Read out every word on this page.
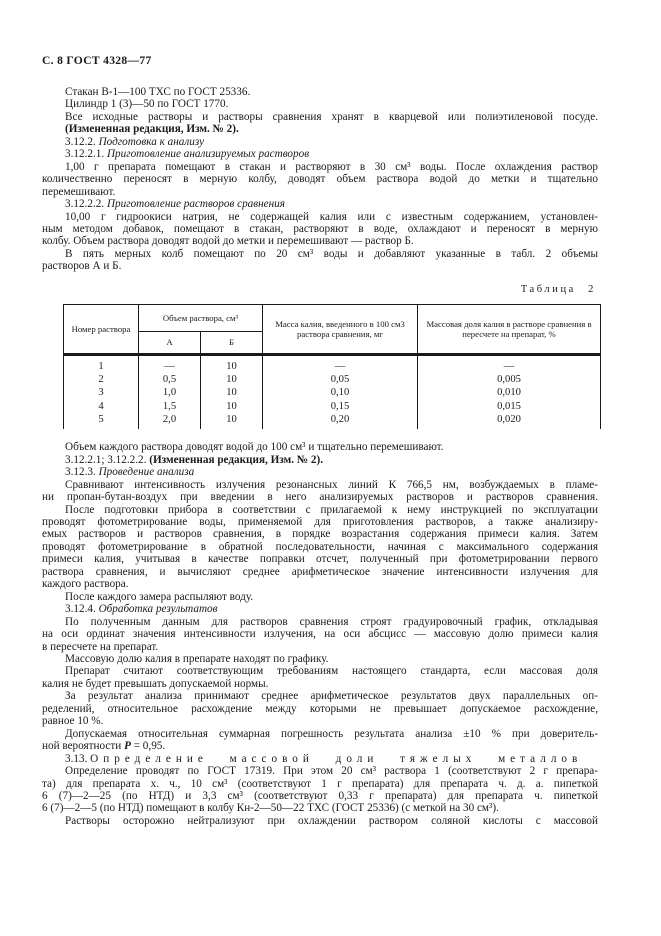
С. 8 ГОСТ 4328—77
Стакан В-1—100 ТХС по ГОСТ 25336.
Цилиндр 1 (3)—50 по ГОСТ 1770.
Все исходные растворы и растворы сравнения хранят в кварцевой или полиэтиленовой посуде.
(Измененная редакция, Изм. № 2).
3.12.2. Подготовка к анализу
3.12.2.1. Приготовление анализируемых растворов
1,00 г препарата помещают в стакан и растворяют в 30 см³ воды. После охлаждения раствор
количественно переносят в мерную колбу, доводят объем раствора водой до метки и тщательно
перемешивают.
3.12.2.2. Приготовление растворов сравнения
10,00 г гидроокиси натрия, не содержащей калия или с известным содержанием, установлен-
ным методом добавок, помещают в стакан, растворяют в воде, охлаждают и переносят в мерную
колбу. Объем раствора доводят водой до метки и перемешивают — раствор Б.
В пять мерных колб помещают по 20 см³ воды и добавляют указанные в табл. 2 объемы
растворов А и Б.
Таблица 2
Номер раствора	Объем раствора, см³		Масса калия, введенного в 100 см3 раствора сравнения, мг	Массовая доля калия в растворе сравнения в пересчете на препарат, %
	А	Б		
1	—	10	—	—
2	0,5	10	0,05	0,005
3	1,0	10	0,10	0,010
4	1,5	10	0,15	0,015
5	2,0	10	0,20	0,020
Объем каждого раствора доводят водой до 100 см³ и тщательно перемешивают.
3.12.2.1; 3.12.2.2. (Измененная редакция, Изм. № 2).
3.12.3. Проведение анализа
Сравнивают интенсивность излучения резонансных линий К 766,5 нм, возбуждаемых в пламе-
ни пропан-бутан-воздух при введении в него анализируемых растворов и растворов сравнения.
После подготовки прибора в соответствии с прилагаемой к нему инструкцией по эксплуатации
проводят фотометрирование воды, применяемой для приготовления растворов, а также анализиру-
емых растворов и растворов сравнения, в порядке возрастания содержания примеси калия. Затем
проводят фотометрирование в обратной последовательности, начиная с максимального содержания
примеси калия, учитывая в качестве поправки отсчет, полученный при фотометрировании первого
раствора сравнения, и вычисляют среднее арифметическое значение интенсивности излучения для
каждого раствора.
После каждого замера распыляют воду.
3.12.4. Обработка результатов
По полученным данным для растворов сравнения строят градуировочный график, откладывая
на оси ординат значения интенсивности излучения, на оси абсцисс — массовую долю примеси калия
в пересчете на препарат.
Массовую долю калия в препарате находят по графику.
Препарат считают соответствующим требованиям настоящего стандарта, если массовая доля
калия не будет превышать допускаемой нормы.
За результат анализа принимают среднее арифметическое результатов двух параллельных оп-
ределений, относительное расхождение между которыми не превышает допускаемое расхождение,
равное 10 %.
Допускаемая относительная суммарная погрешность результата анализа ±10 % при доверитель-
ной вероятности Р = 0,95.
3.13. Определение массовой доли тяжелых металлов
Определение проводят по ГОСТ 17319. При этом 20 см³ раствора 1 (соответствуют 2 г препара-
та) для препарата х. ч., 10 см³ (соответствуют 1 г препарата) для препарата ч. д. а. пипеткой
6 (7)—2—25 (по НТД) и 3,3 см³ (соответствуют 0,33 г препарата) для препарата ч. пипеткой
6 (7)—2—5 (по НТД) помещают в колбу Кн-2—50—22 ТХС (ГОСТ 25336) (с меткой на 30 см³).
Растворы осторожно нейтрализуют при охлаждении раствором соляной кислоты с массовой
